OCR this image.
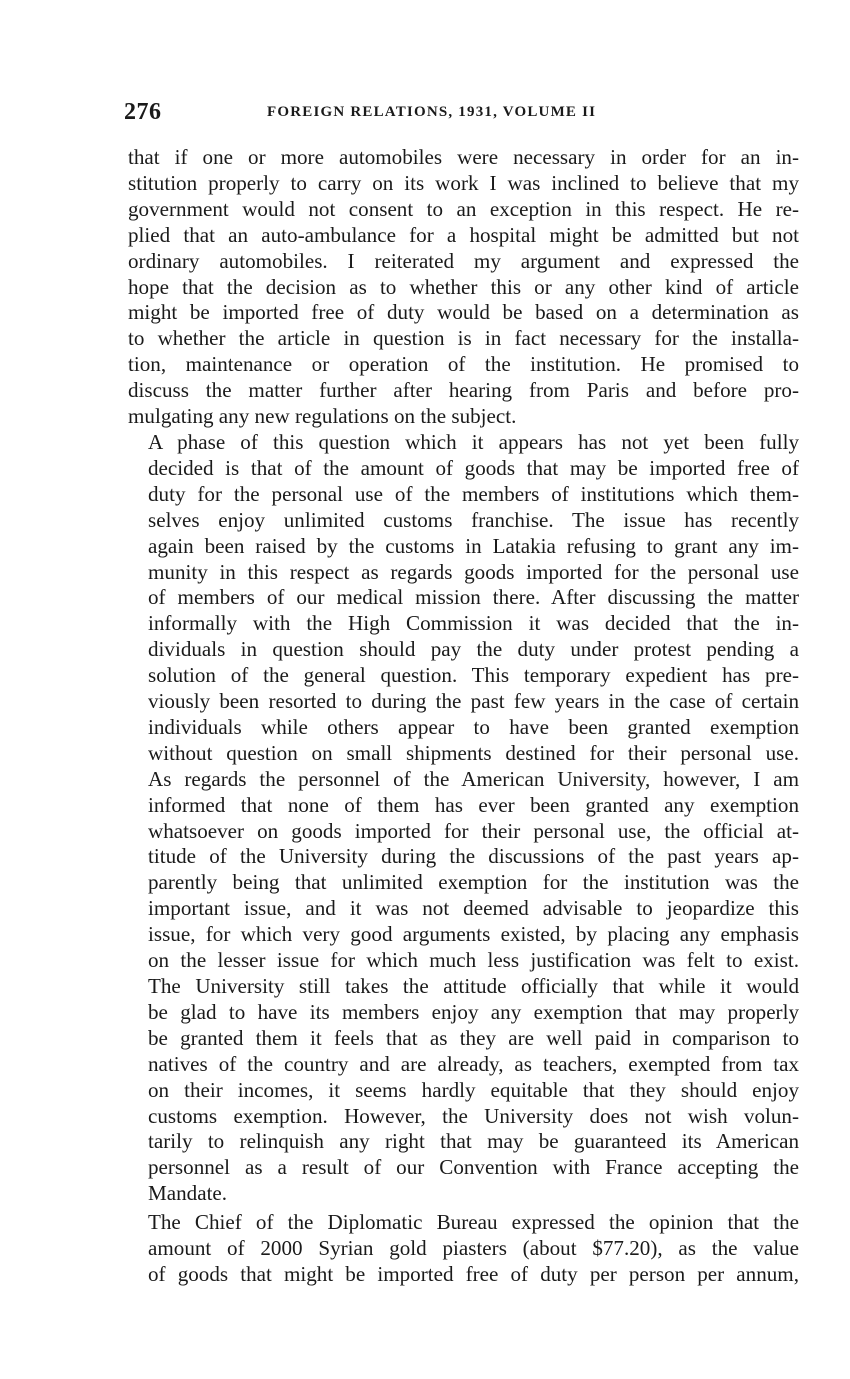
276	FOREIGN RELATIONS, 1931, VOLUME II

that if one or more automobiles were necessary in order for an in-
stitution properly to carry on its work I was inclined to believe that my
government would not consent to an exception in this respect. He re-
plied that an auto-ambulance for a hospital might be admitted but not
ordinary automobiles. I reiterated my argument and expressed the
hope that the decision as to whether this or any other kind of article
might be imported free of duty would be based on a determination as
to whether the article in question is in fact necessary for the installa-
tion, maintenance or operation of the institution. He promised to
discuss the matter further after hearing from Paris and before pro-
mulgating any new regulations on the subject.

A phase of this question which it appears has not yet been fully
decided is that of the amount of goods that may be imported free of
duty for the personal use of the members of institutions which them-
selves enjoy unlimited customs franchise. The issue has recently
again been raised by the customs in Latakia refusing to grant any im-
munity in this respect as regards goods imported for the personal use
of members of our medical mission there. After discussing the matter
informally with the High Commission it was decided that the in-
dividuals in question should pay the duty under protest pending a
solution of the general question. This temporary expedient has pre-
viously been resorted to during the past few years in the case of certain
individuals while others appear to have been granted exemption
without question on small shipments destined for their personal use.
As regards the personnel of the American University, however, I am
informed that none of them has ever been granted any exemption
whatsoever on goods imported for their personal use, the official at-
titude of the University during the discussions of the past years ap-
parently being that unlimited exemption for the institution was the
important issue, and it was not deemed advisable to jeopardize this
issue, for which very good arguments existed, by placing any emphasis
on the lesser issue for which much less justification was felt to exist.
The University still takes the attitude officially that while it would
be glad to have its members enjoy any exemption that may properly
be granted them it feels that as they are well paid in comparison to
natives of the country and are already, as teachers, exempted from tax
on their incomes, it seems hardly equitable that they should enjoy
customs exemption. However, the University does not wish volun-
tarily to relinquish any right that may be guaranteed its American
personnel as a result of our Convention with France accepting the
Mandate.

The Chief of the Diplomatic Bureau expressed the opinion that the
amount of 2000 Syrian gold piasters (about $77.20), as the value
of goods that might be imported free of duty per person per annum,
